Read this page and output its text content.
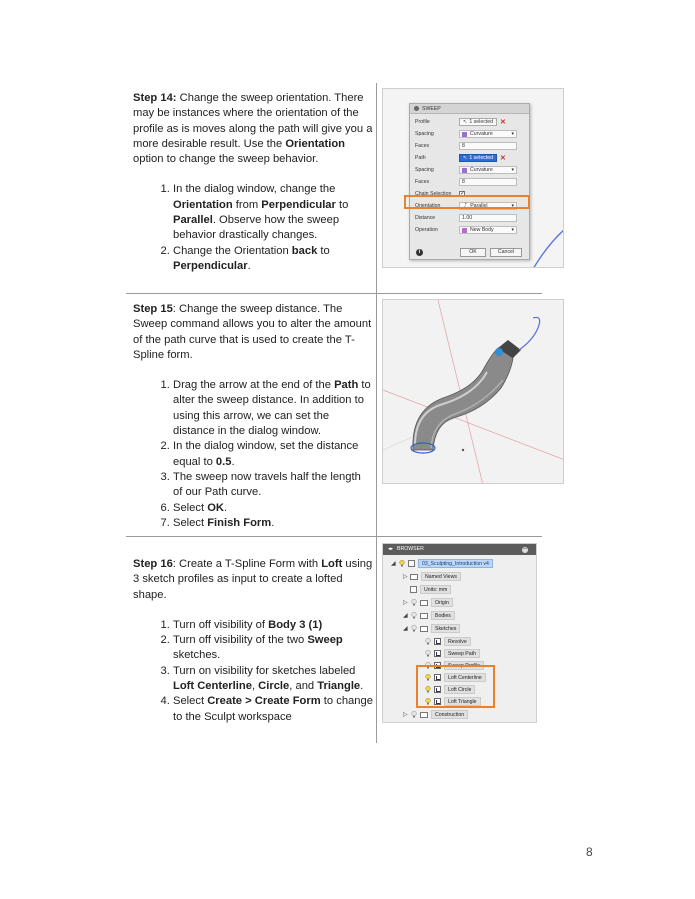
Step 14: Change the sweep orientation. There may be instances where the orientation of the profile as is moves along the path will give you a more desirable result. Use the Orientation option to change the sweep behavior.

1. In the dialog window, change the Orientation from Perpendicular to Parallel. Observe how the sweep behavior drastically changes.
2. Change the Orientation back to Perpendicular.
SWEEP
Profile	↖ 1 selected ✕
Spacing	Curvature
▾
Faces	8
Path	↖ 1 selected ✕
Spacing	Curvature
▾
Faces	8
Chain Selection	✓
Orientation	⤴ Parallel
▾
Distance	1.00
Operation	New Body
▾
i	OK	Cancel

Step 15: Change the sweep distance. The Sweep command allows you to alter the amount of the path curve that is used to create the T-Spline form.

1. Drag the arrow at the end of the Path to alter the sweep distance. In addition to using this arrow, we can set the distance in the dialog window.
2. In the dialog window, set the distance equal to 0.5.
3. The sweep now travels half the length of our Path curve.
6. Select OK.
7. Select Finish Form.

Step 16: Create a T-Spline Form with Loft using 3 sketch profiles as input to create a lofted shape.

1. Turn off visibility of Body 3 (1)
2. Turn off visibility of the two Sweep sketches.
3. Turn on visibility for sketches labeled Loft Centerline, Circle, and Triangle.
4. Select Create > Create Form to change to the Sculpt workspace
◂▸ BROWSER	–
◢	03_Sculpting_Introduction v4
▷	Named Views
Units: mm
▷	Origin
◢	Bodies
◢	Sketches
Revolve
Sweep Path
Sweep Profile
Loft Centerline
Loft Circle
Loft Triangle
▷	Construction
8
